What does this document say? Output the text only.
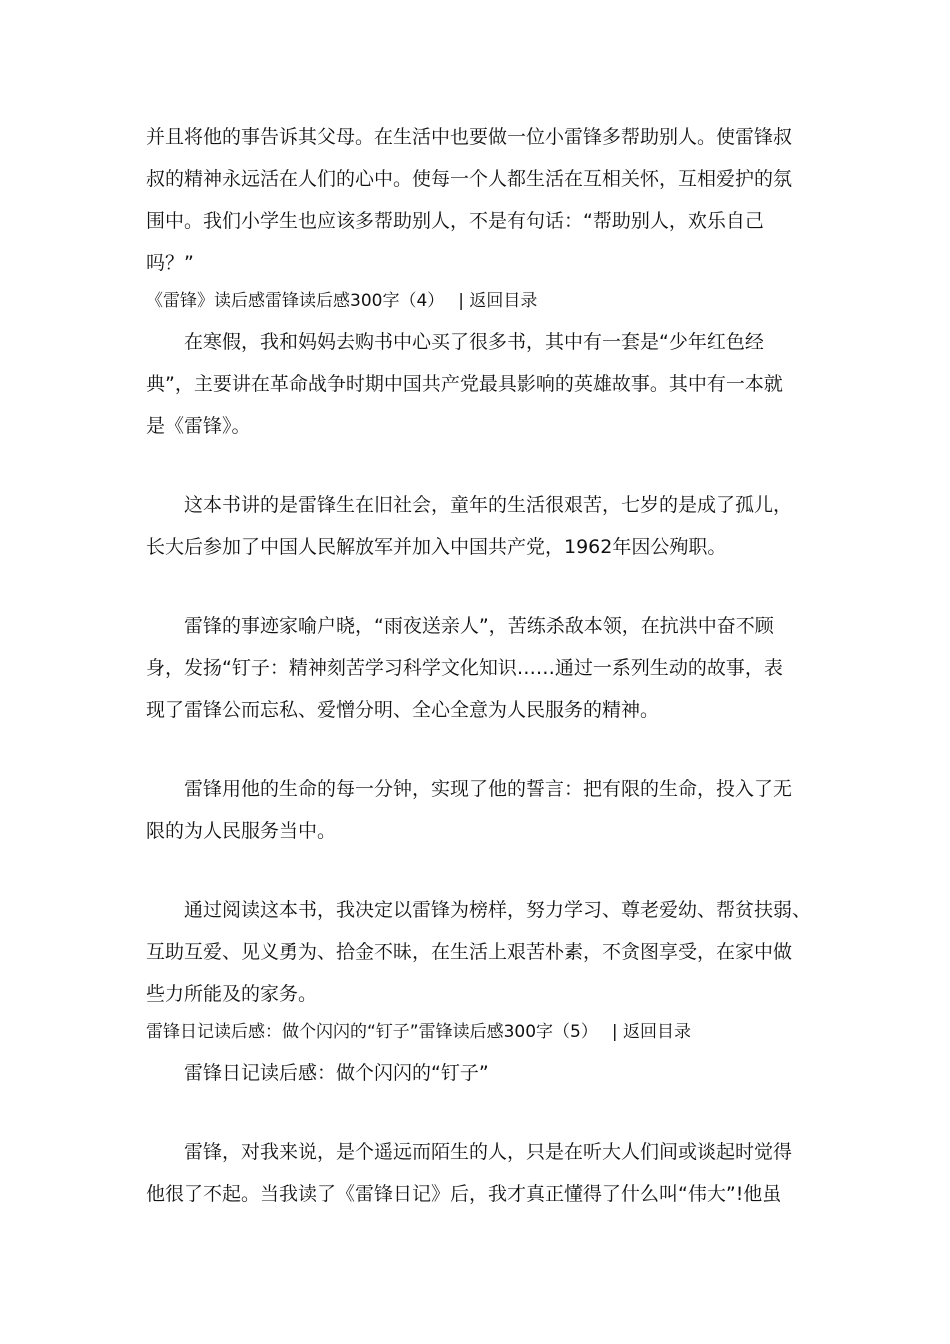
并且将他的事告诉其父母。在生活中也要做一位小雷锋多帮助别人。使雷锋叔
叔的精神永远活在人们的心中。使每一个人都生活在互相关怀，互相爱护的氛
围中。我们小学生也应该多帮助别人，不是有句话：“帮助别人，欢乐自己
吗？”
《雷锋》读后感雷锋读后感300字（4） | 返回目录
在寒假，我和妈妈去购书中心买了很多书，其中有一套是“少年红色经
典”，主要讲在革命战争时期中国共产党最具影响的英雄故事。其中有一本就
是《雷锋》。
这本书讲的是雷锋生在旧社会，童年的生活很艰苦，七岁的是成了孤儿，
长大后参加了中国人民解放军并加入中国共产党，1962年因公殉职。
雷锋的事迹家喻户晓，“雨夜送亲人”，苦练杀敌本领，在抗洪中奋不顾
身，发扬“钉子：精神刻苦学习科学文化知识……通过一系列生动的故事，表
现了雷锋公而忘私、爱憎分明、全心全意为人民服务的精神。
雷锋用他的生命的每一分钟，实现了他的誓言：把有限的生命，投入了无
限的为人民服务当中。
通过阅读这本书，我决定以雷锋为榜样，努力学习、尊老爱幼、帮贫扶弱、
互助互爱、见义勇为、拾金不昧，在生活上艰苦朴素，不贪图享受，在家中做
些力所能及的家务。
雷锋日记读后感：做个闪闪的“钉子”雷锋读后感300字（5） | 返回目录
雷锋日记读后感：做个闪闪的“钉子”
雷锋，对我来说，是个遥远而陌生的人，只是在听大人们间或谈起时觉得
他很了不起。当我读了《雷锋日记》后，我才真正懂得了什么叫“伟大”!他虽
